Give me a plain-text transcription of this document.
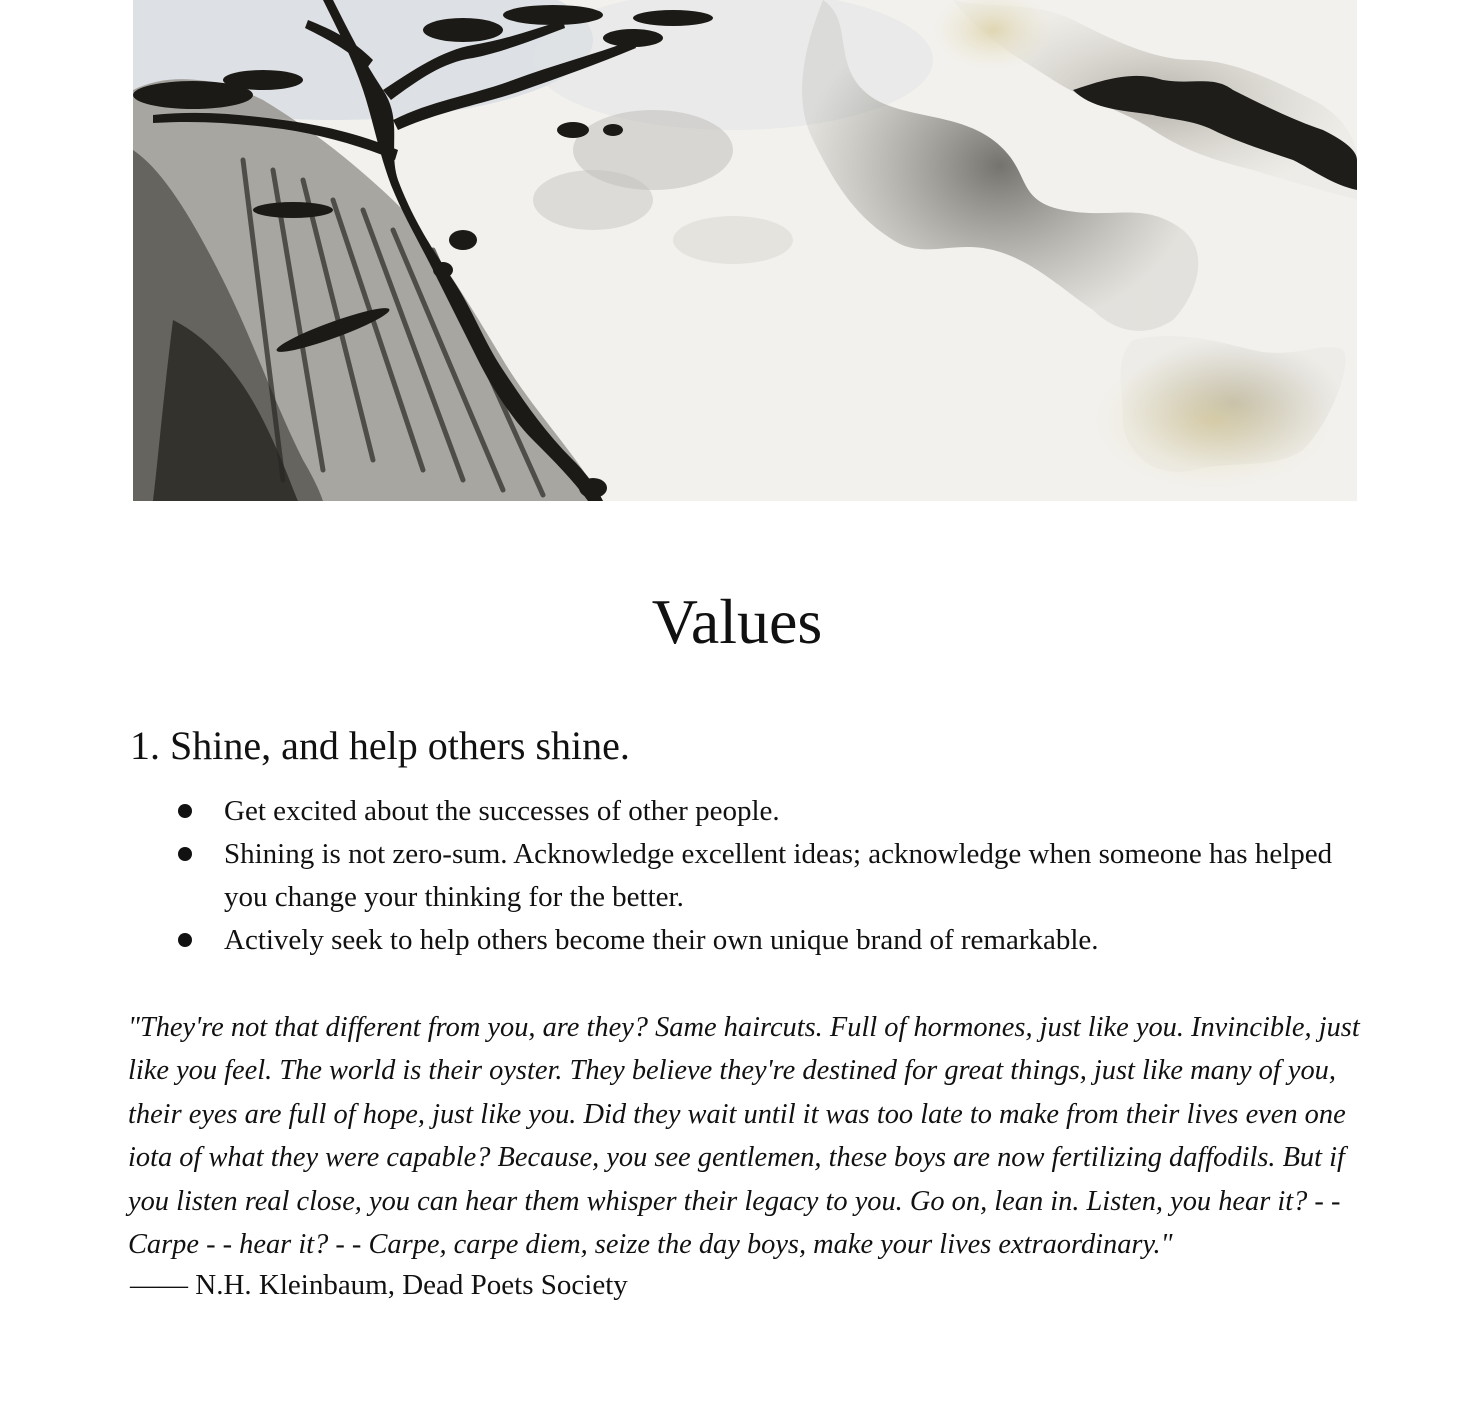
Values
1. Shine, and help others shine.
Get excited about the successes of other people.
Shining is not zero-sum. Acknowledge excellent ideas; acknowledge when someone has helped you change your thinking for the better.
Actively seek to help others become their own unique brand of remarkable.

"They're not that different from you, are they? Same haircuts. Full of hormones, just like you. Invincible, just like you feel. The world is their oyster. They believe they're destined for great things, just like many of you, their eyes are full of hope, just like you. Did they wait until it was too late to make from their lives even one iota of what they were capable? Because, you see gentlemen, these boys are now fertilizing daffodils. But if you listen real close, you can hear them whisper their legacy to you. Go on, lean in. Listen, you hear it? - - Carpe - - hear it? - - Carpe, carpe diem, seize the day boys, make your lives extraordinary."

—— N.H. Kleinbaum, Dead Poets Society
